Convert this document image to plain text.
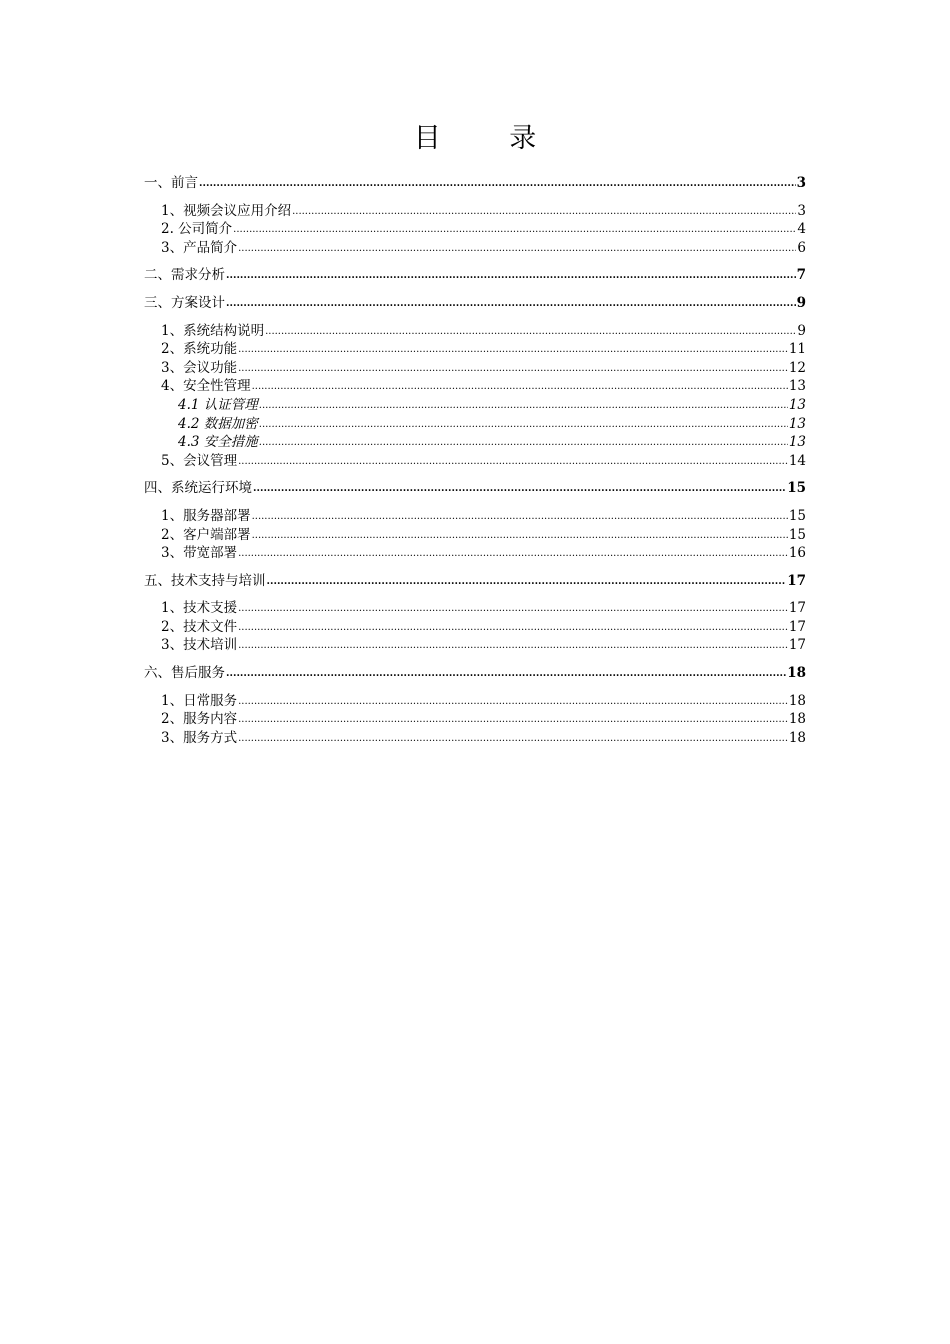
目 录
一、前言 .....	3
1、视频会议应用介绍 .....	3
2. 公司简介 .....	4
3、产品简介 .....	6
二、需求分析 .....	7
三、方案设计 .....	9
1、系统结构说明 .....	9
2、系统功能 .....	11
3、会议功能 .....	12
4、安全性管理 .....	13
4.1 认证管理 .....	13
4.2 数据加密 .....	13
4.3 安全措施 .....	13
5、会议管理 .....	14
四、系统运行环境 .....	15
1、服务器部署 .....	15
2、客户端部署 .....	15
3、带宽部署 .....	16
五、技术支持与培训 .....	17
1、技术支援 .....	17
2、技术文件 .....	17
3、技术培训 .....	17
六、售后服务 .....	18
1、日常服务 .....	18
2、服务内容 .....	18
3、服务方式 .....	18
